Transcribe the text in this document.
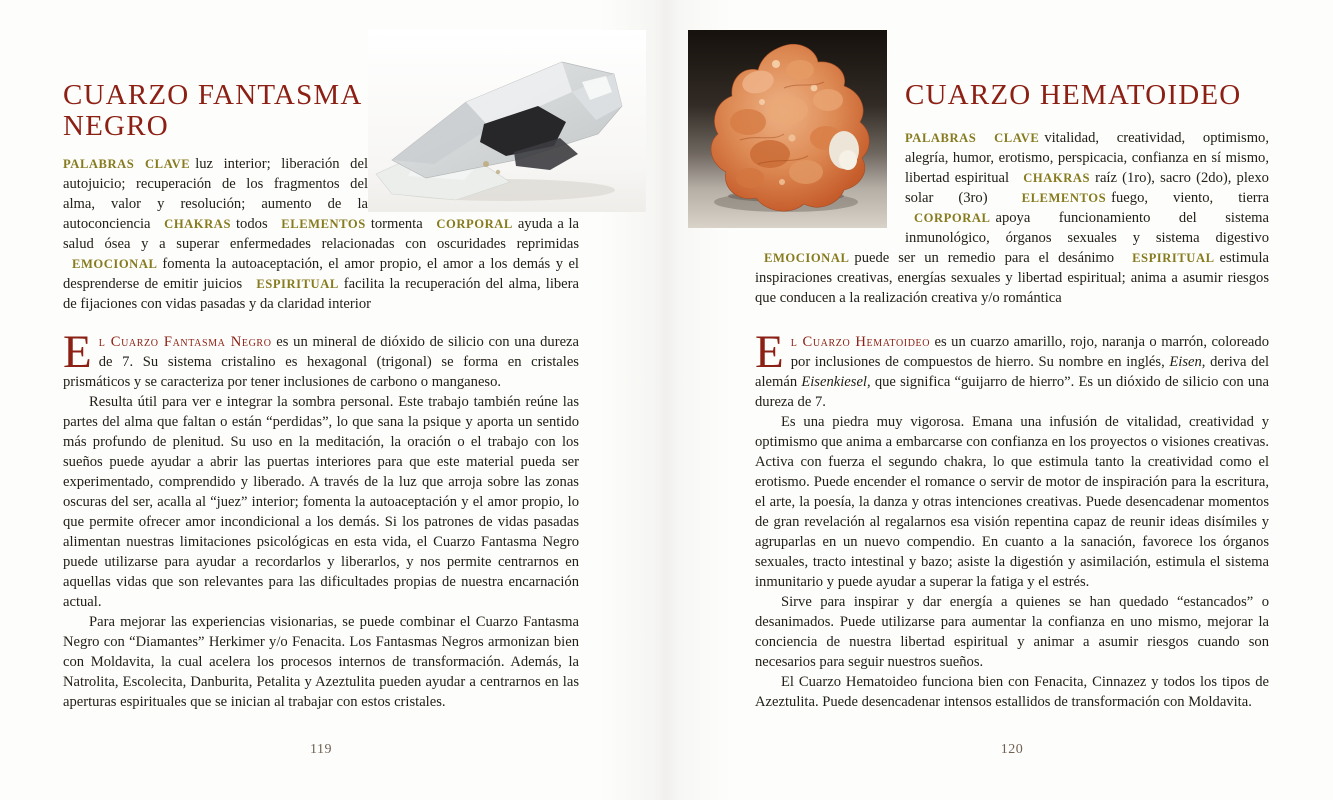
CUARZO FANTASMA NEGRO
PALABRAS CLAVE luz interior; liberación del autojuicio; recuperación de los fragmentos del alma, valor y resolución; aumento de la autoconciencia CHAKRAS todos ELEMENTOS tormenta CORPORAL ayuda a la salud ósea y a superar enfermedades relacionadas con oscuridades reprimidas EMOCIONAL fomenta la autoaceptación, el amor propio, el amor a los demás y el desprenderse de emitir juicios ESPIRITUAL facilita la recuperación del alma, libera de fijaciones con vidas pasadas y da claridad interior

El Cuarzo Fantasma Negro es un mineral de dióxido de silicio con una dureza de 7. Su sistema cristalino es hexagonal (trigonal) se forma en cristales prismáticos y se caracteriza por tener inclusiones de carbono o manganeso.

Resulta útil para ver e integrar la sombra personal. Este trabajo también reúne las partes del alma que faltan o están “perdidas”, lo que sana la psique y aporta un sentido más profundo de plenitud. Su uso en la meditación, la oración o el trabajo con los sueños puede ayudar a abrir las puertas interiores para que este material pueda ser experimentado, comprendido y liberado. A través de la luz que arroja sobre las zonas oscuras del ser, acalla al “juez” interior; fomenta la autoaceptación y el amor propio, lo que permite ofrecer amor incondicional a los demás. Si los patrones de vidas pasadas alimentan nuestras limitaciones psicológicas en esta vida, el Cuarzo Fantasma Negro puede utilizarse para ayudar a recordarlos y liberarlos, y nos permite centrarnos en aquellas vidas que son relevantes para las dificultades propias de nuestra encarnación actual.

Para mejorar las experiencias visionarias, se puede combinar el Cuarzo Fantasma Negro con “Diamantes” Herkimer y/o Fenacita. Los Fantasmas Negros armonizan bien con Moldavita, la cual acelera los procesos internos de transformación. Además, la Natrolita, Escolecita, Danburita, Petalita y Azeztulita pueden ayudar a centrarnos en las aperturas espirituales que se inician al trabajar con estos cristales.

119
CUARZO HEMATOIDEO
PALABRAS CLAVE vitalidad, creatividad, optimismo, alegría, humor, erotismo, perspicacia, confianza en sí mismo, libertad espiritual CHAKRAS raíz (1ro), sacro (2do), plexo solar (3ro) ELEMENTOS fuego, viento, tierra CORPORAL apoya funcionamiento del sistema inmunológico, órganos sexuales y sistema digestivo EMOCIONAL puede ser un remedio para el desánimo ESPIRITUAL estimula inspiraciones creativas, energías sexuales y libertad espiritual; anima a asumir riesgos que conducen a la realización creativa y/o romántica

El Cuarzo Hematoideo es un cuarzo amarillo, rojo, naranja o marrón, coloreado por inclusiones de compuestos de hierro. Su nombre en inglés, Eisen, deriva del alemán Eisenkiesel, que significa “guijarro de hierro”. Es un dióxido de silicio con una dureza de 7.

Es una piedra muy vigorosa. Emana una infusión de vitalidad, creatividad y optimismo que anima a embarcarse con confianza en los proyectos o visiones creativas. Activa con fuerza el segundo chakra, lo que estimula tanto la creatividad como el erotismo. Puede encender el romance o servir de motor de inspiración para la escritura, el arte, la poesía, la danza y otras intenciones creativas. Puede desencadenar momentos de gran revelación al regalarnos esa visión repentina capaz de reunir ideas disímiles y agruparlas en un nuevo compendio. En cuanto a la sanación, favorece los órganos sexuales, tracto intestinal y bazo; asiste la digestión y asimilación, estimula el sistema inmunitario y puede ayudar a superar la fatiga y el estrés.

Sirve para inspirar y dar energía a quienes se han quedado “estancados” o desanimados. Puede utilizarse para aumentar la confianza en uno mismo, mejorar la conciencia de nuestra libertad espiritual y animar a asumir riesgos cuando son necesarios para seguir nuestros sueños.

El Cuarzo Hematoideo funciona bien con Fenacita, Cinnazez y todos los tipos de Azeztulita. Puede desencadenar intensos estallidos de transformación con Moldavita.

120
